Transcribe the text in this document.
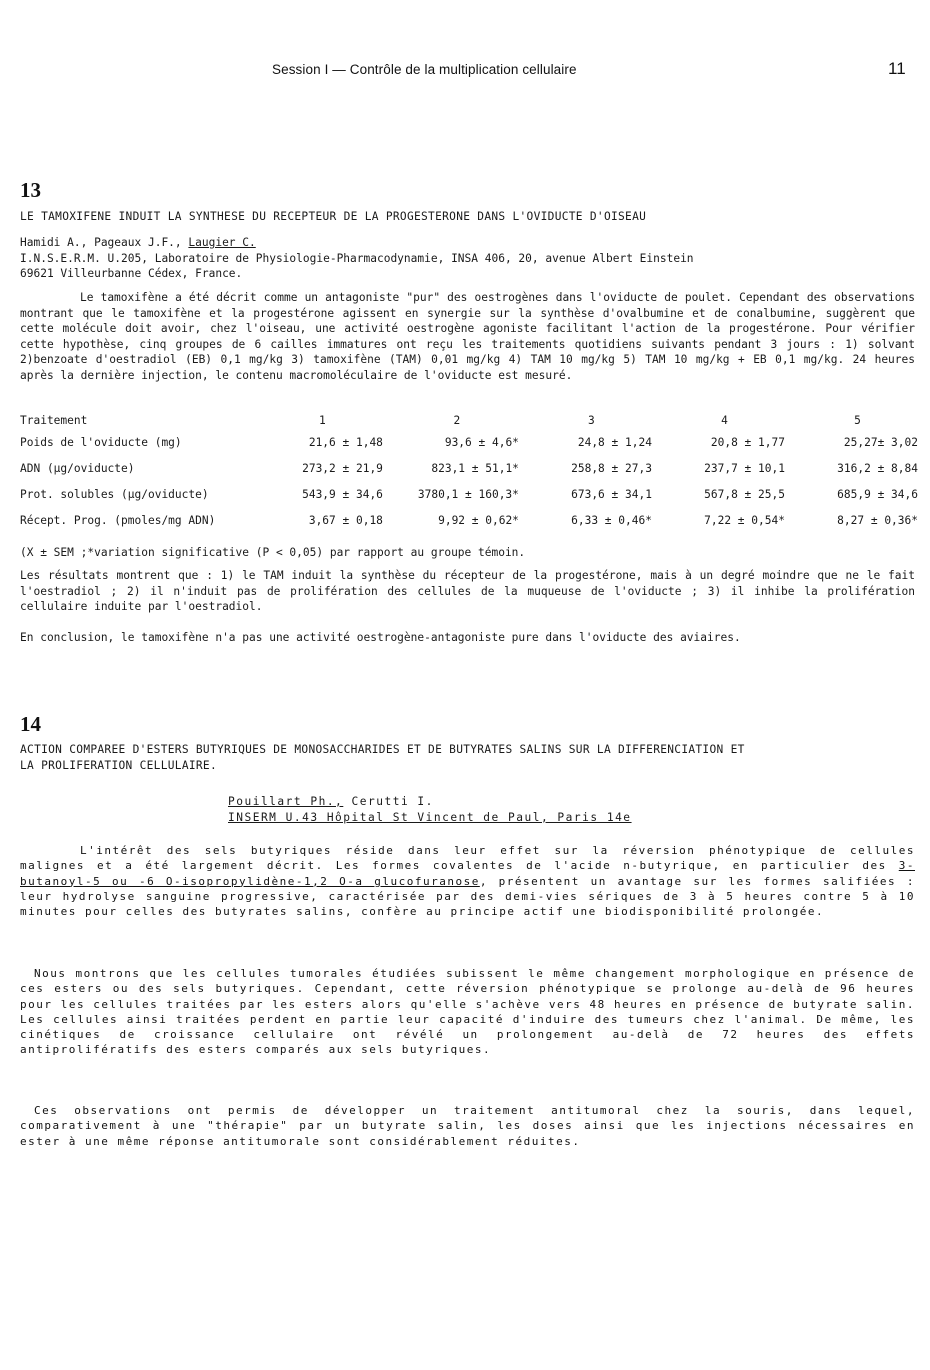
Session I — Contrôle de la multiplication cellulaire	11
13
LE TAMOXIFENE INDUIT LA SYNTHESE DU RECEPTEUR DE LA PROGESTERONE DANS L'OVIDUCTE D'OISEAU
Hamidi A., Pageaux J.F., Laugier C.
I.N.S.E.R.M. U.205, Laboratoire de Physiologie-Pharmacodynamie, INSA 406, 20, avenue Albert Einstein
69621 Villeurbanne Cédex, France.
Le tamoxifène a été décrit comme un antagoniste "pur" des oestrogènes dans l'oviducte de poulet. Cependant des observations montrant que le tamoxifène et la progestérone agissent en synergie sur la synthèse d'ovalbumine et de conalbumine, suggèrent que cette molécule doit avoir, chez l'oiseau, une activité oestrogène agoniste facilitant l'action de la progestérone. Pour vérifier cette hypothèse, cinq groupes de 6 cailles immatures ont reçu les traitements quotidiens suivants pendant 3 jours : 1) solvant 2)benzoate d'oestradiol (EB) 0,1 mg/kg 3) tamoxifène (TAM) 0,01 mg/kg 4) TAM 10 mg/kg 5) TAM 10 mg/kg + EB 0,1 mg/kg. 24 heures après la dernière injection, le contenu macromoléculaire de l'oviducte est mesuré.
Traitement	1	2	3	4	5
Poids de l'oviducte (mg)	21,6 ± 1,48	93,6 ± 4,6*	24,8 ± 1,24	20,8 ± 1,77	25,27± 3,02
ADN (µg/oviducte)	273,2 ± 21,9	823,1 ± 51,1*	258,8 ± 27,3	237,7 ± 10,1	316,2 ± 8,84
Prot. solubles (µg/oviducte)	543,9 ± 34,6	3780,1 ± 160,3*	673,6 ± 34,1	567,8 ± 25,5	685,9 ± 34,6
Récept. Prog. (pmoles/mg ADN)	3,67 ± 0,18	9,92 ± 0,62*	6,33 ± 0,46*	7,22 ± 0,54*	8,27 ± 0,36*
(X ± SEM ;*variation significative (P < 0,05) par rapport au groupe témoin.
Les résultats montrent que : 1) le TAM induit la synthèse du récepteur de la progestérone, mais à un degré moindre que ne le fait l'oestradiol ; 2) il n'induit pas de prolifération des cellules de la muqueuse de l'oviducte ; 3) il inhibe la prolifération cellulaire induite par l'oestradiol.
En conclusion, le tamoxifène n'a pas une activité oestrogène-antagoniste pure dans l'oviducte des aviaires.
14
ACTION COMPAREE D'ESTERS BUTYRIQUES DE MONOSACCHARIDES ET DE BUTYRATES SALINS SUR LA DIFFERENCIATION ET
LA PROLIFERATION CELLULAIRE.
Pouillart Ph., Cerutti I.
INSERM U.43 Hôpital St Vincent de Paul, Paris 14e
L'intérêt des sels butyriques réside dans leur effet sur la réversion phénotypique de cellules malignes et a été largement décrit. Les formes covalentes de l'acide n-butyrique, en particulier des 3-butanoyl-5 ou -6 O-isopropylidène-1,2 O-a glucofuranose, présentent un avantage sur les formes salifiées : leur hydrolyse sanguine progressive, caractérisée par des demi-vies sériques de 3 à 5 heures contre 5 à 10 minutes pour celles des butyrates salins, confère au principe actif une biodisponibilité prolongée.
Nous montrons que les cellules tumorales étudiées subissent le même changement morphologique en présence de ces esters ou des sels butyriques. Cependant, cette réversion phénotypique se prolonge au-delà de 96 heures pour les cellules traitées par les esters alors qu'elle s'achève vers 48 heures en présence de butyrate salin. Les cellules ainsi traitées perdent en partie leur capacité d'induire des tumeurs chez l'animal. De même, les cinétiques de croissance cellulaire ont révélé un prolongement au-delà de 72 heures des effets antiprolifératifs des esters comparés aux sels butyriques.
Ces observations ont permis de développer un traitement antitumoral chez la souris, dans lequel, comparativement à une "thérapie" par un butyrate salin, les doses ainsi que les injections nécessaires en ester à une même réponse antitumorale sont considérablement réduites.
